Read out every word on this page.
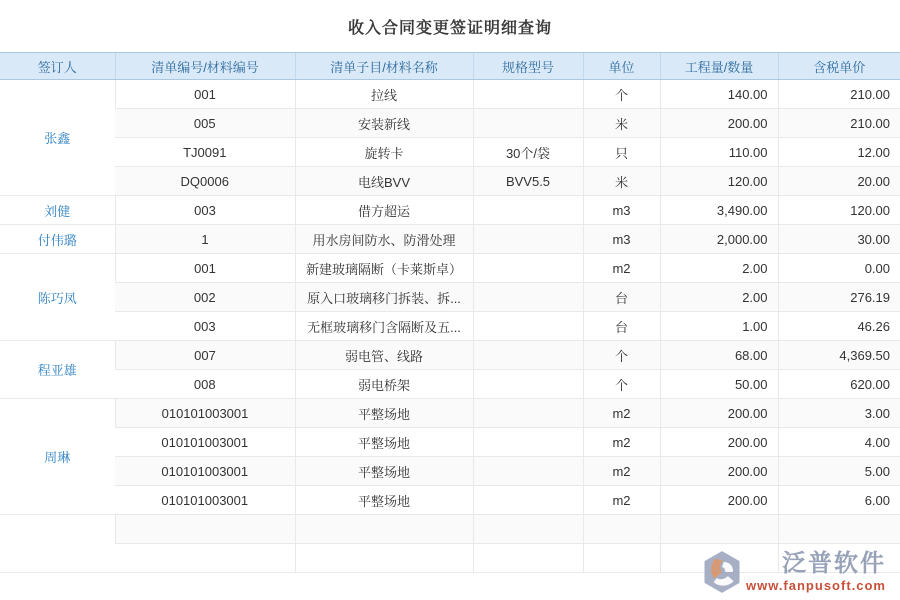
收入合同变更签证明细查询
签订人	清单编号/材料编号	清单子目/材料名称	规格型号	单位	工程量/数量	含税单价
张鑫	001	拉线		个	140.00	210.00
	005	安装新线		米	200.00	210.00
	TJ0091	旋转卡	30个/袋	只	110.00	12.00
	DQ0006	电线BVV	BVV5.5	米	120.00	20.00
刘健	003	借方超运		m3	3,490.00	120.00
付伟璐	1	用水房间防水、防滑处理		m3	2,000.00	30.00
陈巧凤	001	新建玻璃隔断（卡莱斯卓）		m2	2.00	0.00
	002	原入口玻璃移门拆装、拆...		台	2.00	276.19
	003	无框玻璃移门含隔断及五...		台	1.00	46.26
程亚雄	007	弱电管、线路		个	68.00	4,369.50
	008	弱电桥架		个	50.00	620.00
周琳	010101003001	平整场地		m2	200.00	3.00
	010101003001	平整场地		m2	200.00	4.00
	010101003001	平整场地		m2	200.00	5.00
	010101003001	平整场地		m2	200.00	6.00

泛普软件
www.fanpusoft.com
